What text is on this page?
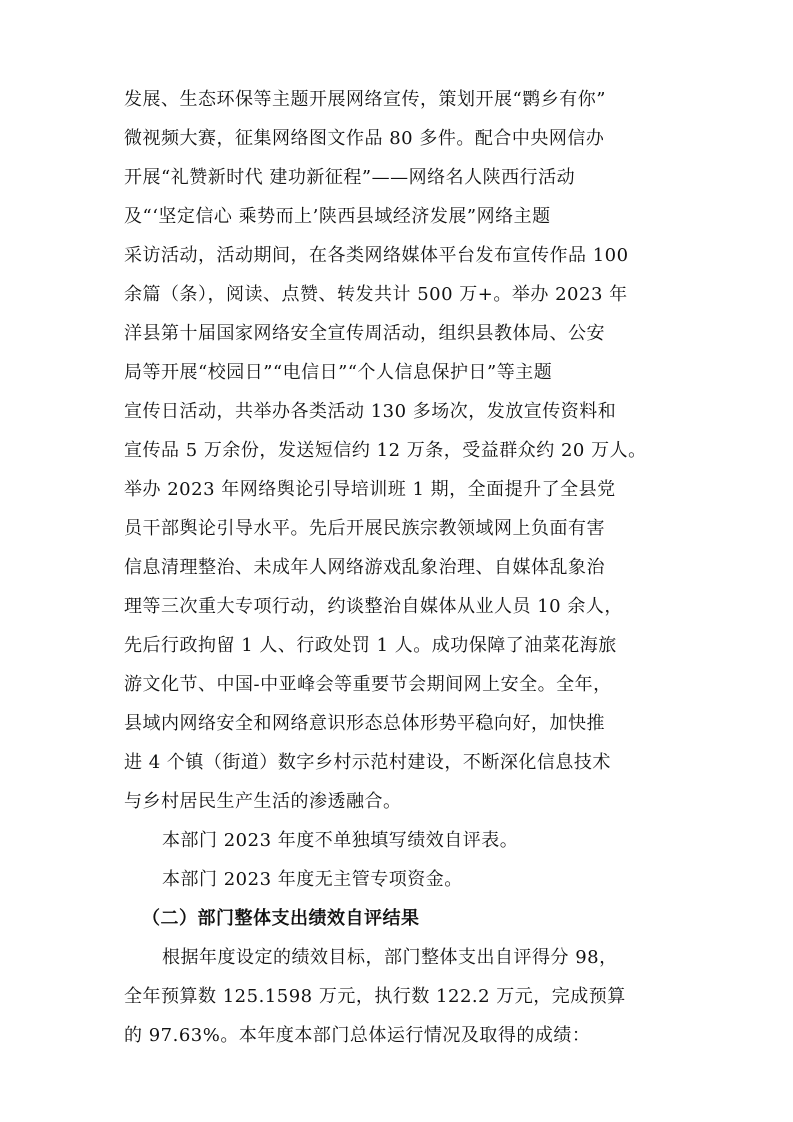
发展、生态环保等主题开展网络宣传，策划开展“鹮乡有你”
微视频大赛，征集网络图文作品 80 多件。配合中央网信办
开展“礼赞新时代 建功新征程”——网络名人陕西行活动
及“‘坚定信心 乘势而上’陕西县域经济发展”网络主题
采访活动，活动期间，在各类网络媒体平台发布宣传作品 100
余篇（条），阅读、点赞、转发共计 500 万+。举办 2023 年
洋县第十届国家网络安全宣传周活动，组织县教体局、公安
局等开展“校园日”“电信日”“个人信息保护日”等主题
宣传日活动，共举办各类活动 130 多场次，发放宣传资料和
宣传品 5 万余份，发送短信约 12 万条，受益群众约 20 万人。
举办 2023 年网络舆论引导培训班 1 期，全面提升了全县党
员干部舆论引导水平。先后开展民族宗教领域网上负面有害
信息清理整治、未成年人网络游戏乱象治理、自媒体乱象治
理等三次重大专项行动，约谈整治自媒体从业人员 10 余人，
先后行政拘留 1 人、行政处罚 1 人。成功保障了油菜花海旅
游文化节、中国-中亚峰会等重要节会期间网上安全。全年，
县域内网络安全和网络意识形态总体形势平稳向好，加快推
进 4 个镇（街道）数字乡村示范村建设，不断深化信息技术
与乡村居民生产生活的渗透融合。
本部门 2023 年度不单独填写绩效自评表。
本部门 2023 年度无主管专项资金。
（二）部门整体支出绩效自评结果
根据年度设定的绩效目标，部门整体支出自评得分 98，
全年预算数 125.1598 万元，执行数 122.2 万元，完成预算
的 97.63%。本年度本部门总体运行情况及取得的成绩：
